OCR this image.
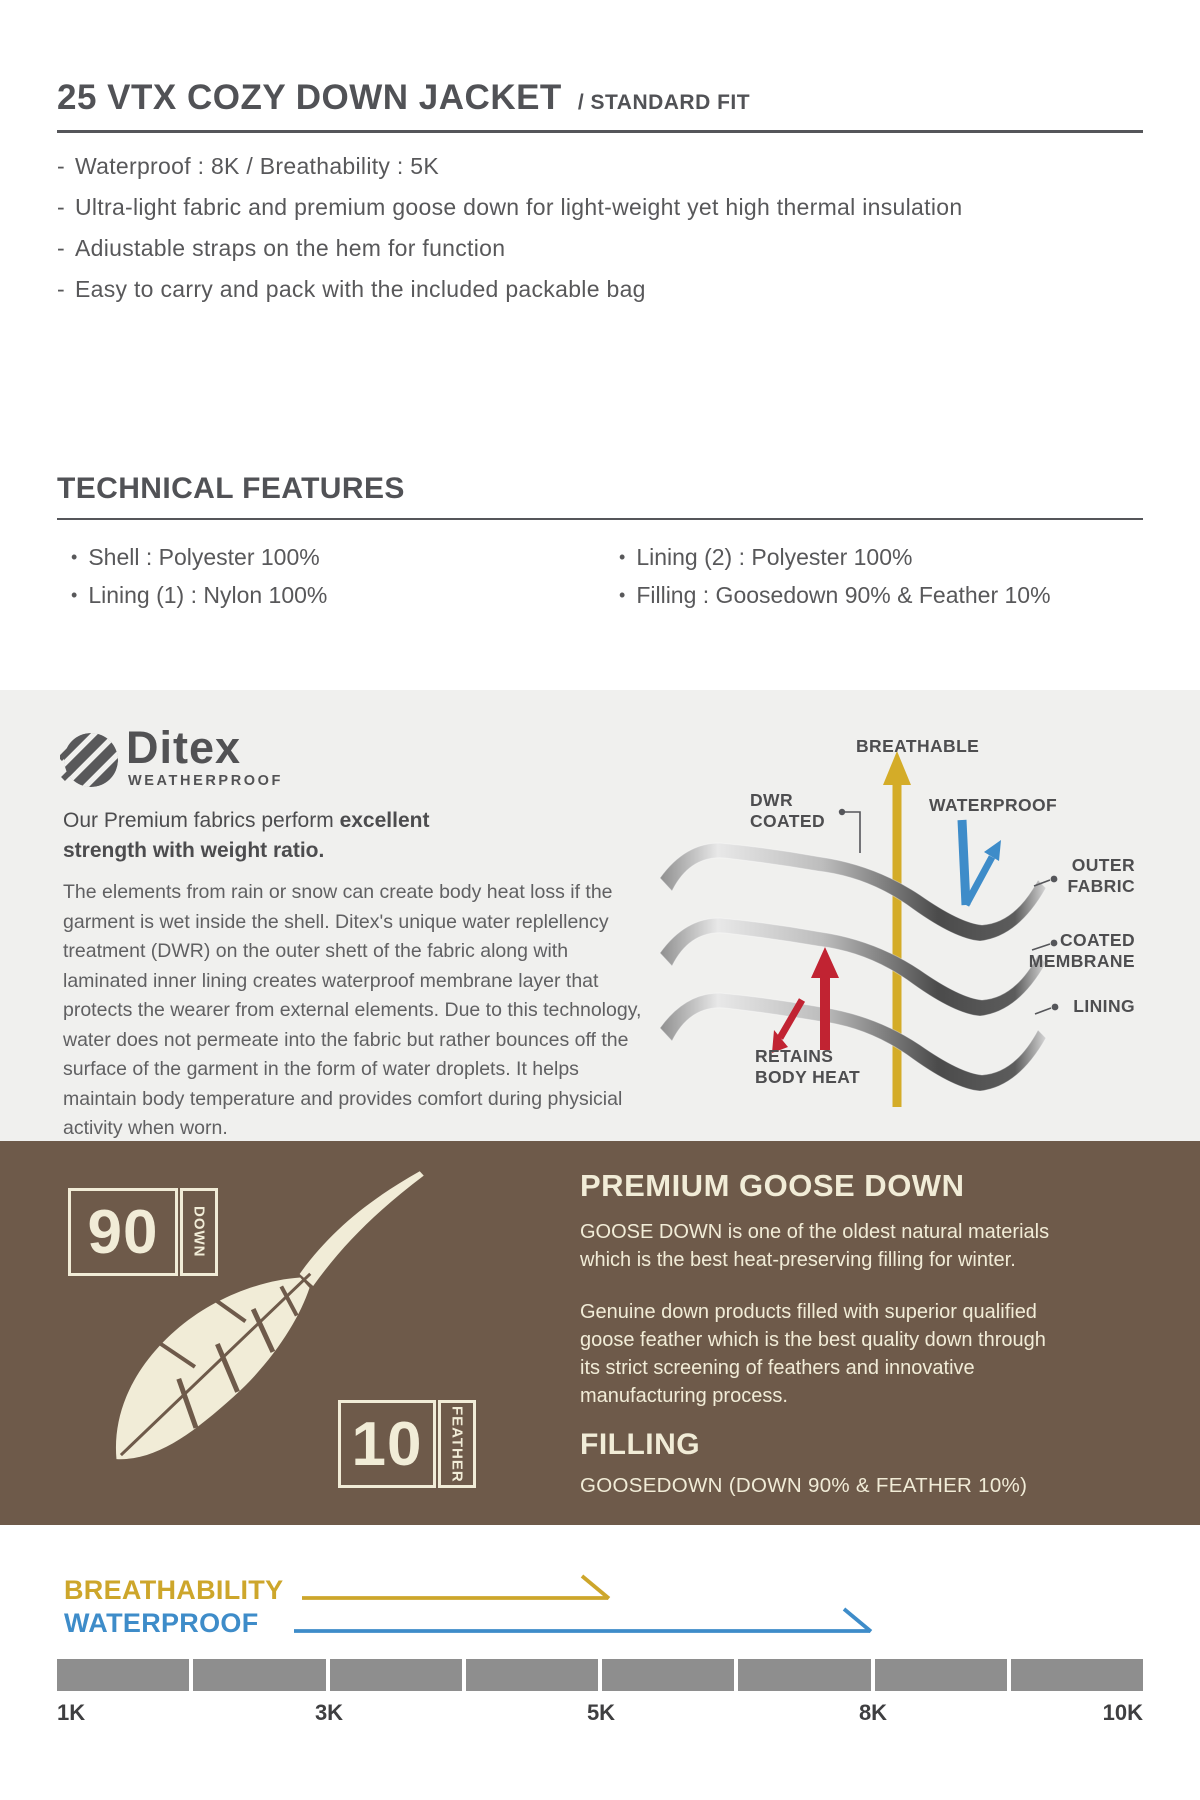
25 VTX COZY DOWN JACKET / STANDARD FIT
- Waterproof : 8K / Breathability : 5K
- Ultra-light fabric and premium goose down for light-weight yet high thermal insulation
- Adiustable straps on the hem for function
- Easy to carry and pack with the included packable bag
TECHNICAL FEATURES
• Shell : Polyester 100%	• Lining (2) : Polyester 100%
• Lining (1) : Nylon 100%	• Filling : Goosedown 90% & Feather 10%
Ditex
WEATHERPROOF
Our Premium fabrics perform excellent strength with weight ratio.
The elements from rain or snow can create body heat loss if the garment is wet inside the shell. Ditex's unique water replellency treatment (DWR) on the outer shett of the fabric along with laminated inner lining creates waterproof membrane layer that protects the wearer from external elements. Due to this technology, water does not permeate into the fabric but rather bounces off the surface of the garment in the form of water droplets. It helps maintain body temperature and provides comfort during physicial activity when worn.
BREATHABLE
DWR
COATED
WATERPROOF
OUTER
FABRIC
COATED
MEMBRANE
LINING
RETAINS
BODY HEAT
90	DOWN
10	FEATHER
PREMIUM GOOSE DOWN
GOOSE DOWN is one of the oldest natural materials which is the best heat-preserving filling for winter.
Genuine down products filled with superior qualified goose feather which is the best quality down through its strict screening of feathers and innovative manufacturing process.
FILLING
GOOSEDOWN (DOWN 90% & FEATHER 10%)
BREATHABILITY
WATERPROOF
1K	3K	5K	8K	10K
